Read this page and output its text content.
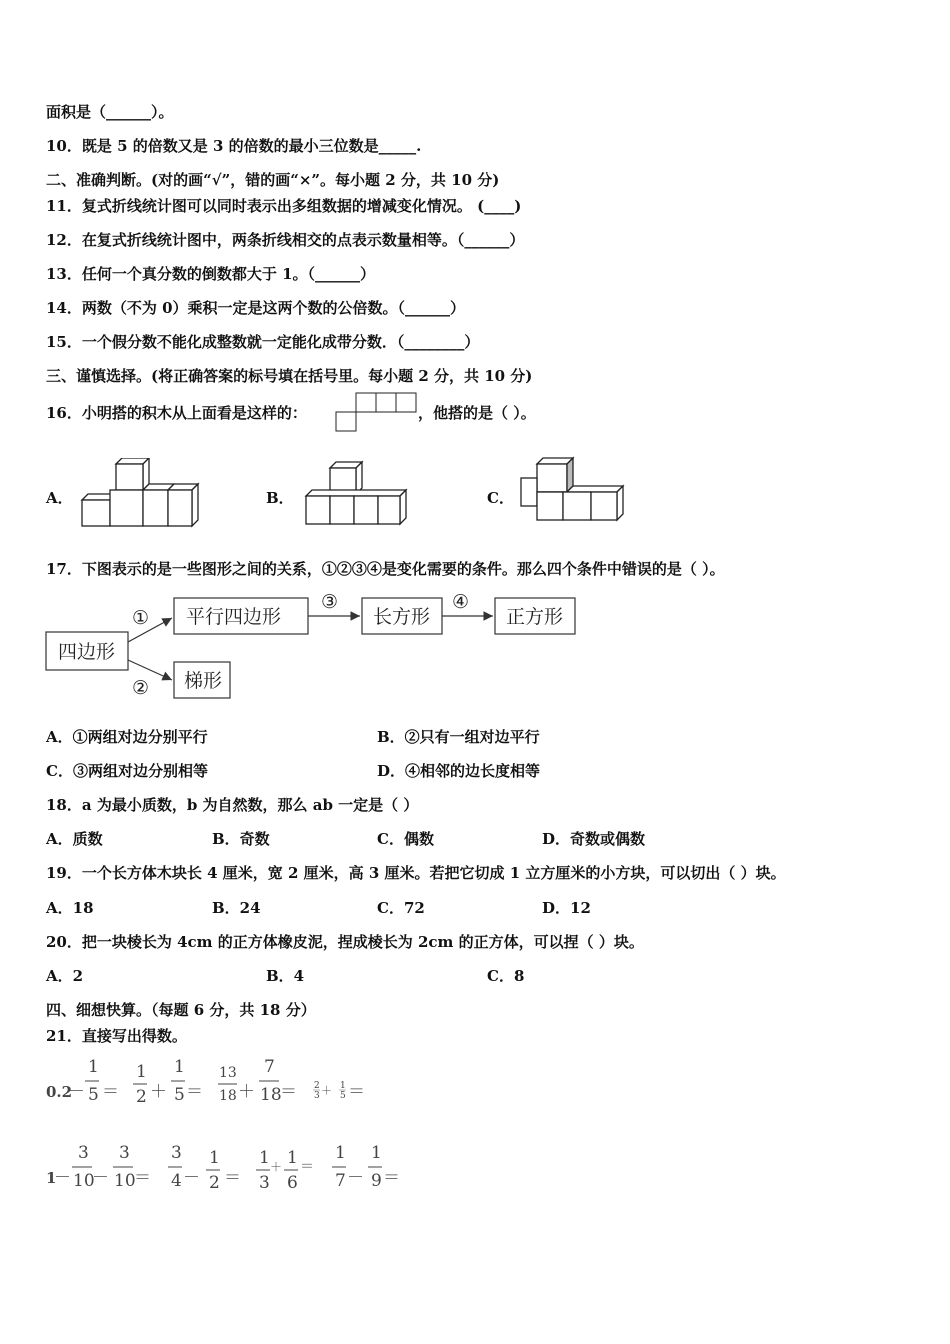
面积是（______）。
10．既是 5 的倍数又是 3 的倍数的最小三位数是_____.
二、准确判断。(对的画“√”，错的画“×”。每小题 2 分，共 10 分)
11．复式折线统计图可以同时表示出多组数据的增减变化情况。 (____)
12．在复式折线统计图中，两条折线相交的点表示数量相等。（______）
13．任何一个真分数的倒数都大于 1。（______）
14．两数（不为 0）乘积一定是这两个数的公倍数。（______）
15．一个假分数不能化成整数就一定能化成带分数．（________）
三、谨慎选择。(将正确答案的标号填在括号里。每小题 2 分，共 10 分)
16．小明搭的积木从上面看是这样的：	，他搭的是（ ）。
A．	B．	C．
17．下图表示的是一些图形之间的关系，①②③④是变化需要的条件。那么四个条件中错误的是（ ）。
四边形
平行四边形	长方形	正方形
梯形
①
②
③	④
A．①两组对边分别平行	B．②只有一组对边平行
C．③两组对边分别相等	D．④相邻的边长度相等
18．a 为最小质数，b 为自然数，那么 ab 一定是（ ）
A．质数	B．奇数	C．偶数	D．奇数或偶数
19．一个长方体木块长 4 厘米，宽 2 厘米，高 3 厘米。若把它切成 1 立方厘米的小方块，可以切出（ ）块。
A．18	B．24	C．72	D．12
20．把一块棱长为 4cm 的正方体橡皮泥，捏成棱长为 2cm 的正方体，可以捏（ ）块。
A．2	B．4	C．8
四、细想快算。（每题 6 分，共 18 分）
21．直接写出得数。
0.2
－
1
5 ＝
1
2 ＋
1
5 ＝
13
18 ＋
7
18
＝ 2
3 ＋ 1
5 ＝
1
－
3
10
－
3
10
＝
3
4 －
1
2 ＝
1
3
＋ 1
6
＝
1
7 －
1
9 ＝
